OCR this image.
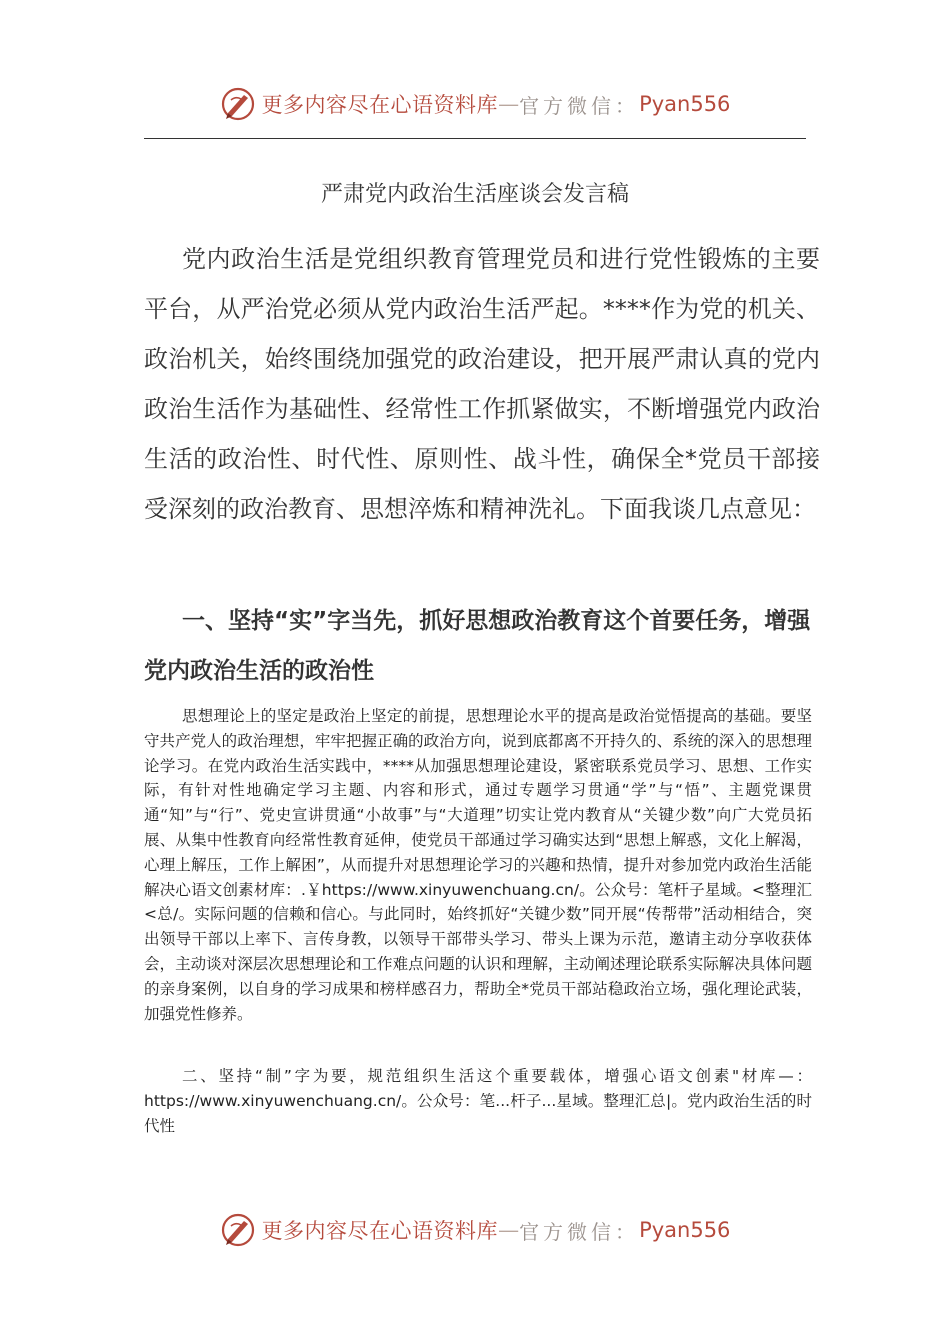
更多内容尽在心语资料库 — 官方微信： Pyan556
严肃党内政治生活座谈会发言稿

党内政治生活是党组织教育管理党员和进行党性锻炼的主要平台，从严治党必须从党内政治生活严起。****作为党的机关、政治机关，始终围绕加强党的政治建设，把开展严肃认真的党内政治生活作为基础性、经常性工作抓紧做实，不断增强党内政治生活的政治性、时代性、原则性、战斗性，确保全*党员干部接受深刻的政治教育、思想淬炼和精神洗礼。下面我谈几点意见：

一、坚持“实”字当先，抓好思想政治教育这个首要任务，增强党内政治生活的政治性

思想理论上的坚定是政治上坚定的前提，思想理论水平的提高是政治觉悟提高的基础。要坚守共产党人的政治理想，牢牢把握正确的政治方向，说到底都离不开持久的、系统的深入的思想理论学习。在党内政治生活实践中，****从加强思想理论建设，紧密联系党员学习、思想、工作实际，有针对性地确定学习主题、内容和形式，通过专题学习贯通“学”与“悟”、主题党课贯通“知”与“行”、党史宣讲贯通“小故事”与“大道理”切实让党内教育从“关键少数”向广大党员拓展、从集中性教育向经常性教育延伸，使党员干部通过学习确实达到“思想上解惑，文化上解渴，心理上解压，工作上解困”，从而提升对思想理论学习的兴趣和热情，提升对参加党内政治生活能解决心语文创素材库：.￥https://www.xinyuwenchuang.cn/。公众号：笔杆子星域。<整理汇<总/。实际问题的信赖和信心。与此同时，始终抓好“关键少数”同开展“传帮带”活动相结合，突出领导干部以上率下、言传身教，以领导干部带头学习、带头上课为示范，邀请主动分享收获体会，主动谈对深层次思想理论和工作难点问题的认识和理解，主动阐述理论联系实际解决具体问题的亲身案例，以自身的学习成果和榜样感召力，帮助全*党员干部站稳政治立场，强化理论武装，加强党性修养。

二、坚持“制”字为要，规范组织生活这个重要载体，增强心语文创素"材库—：https://www.xinyuwenchuang.cn/。公众号：笔...杆子...星域。整理汇总|。党内政治生活的时代性

更多内容尽在心语资料库 — 官方微信： Pyan556
